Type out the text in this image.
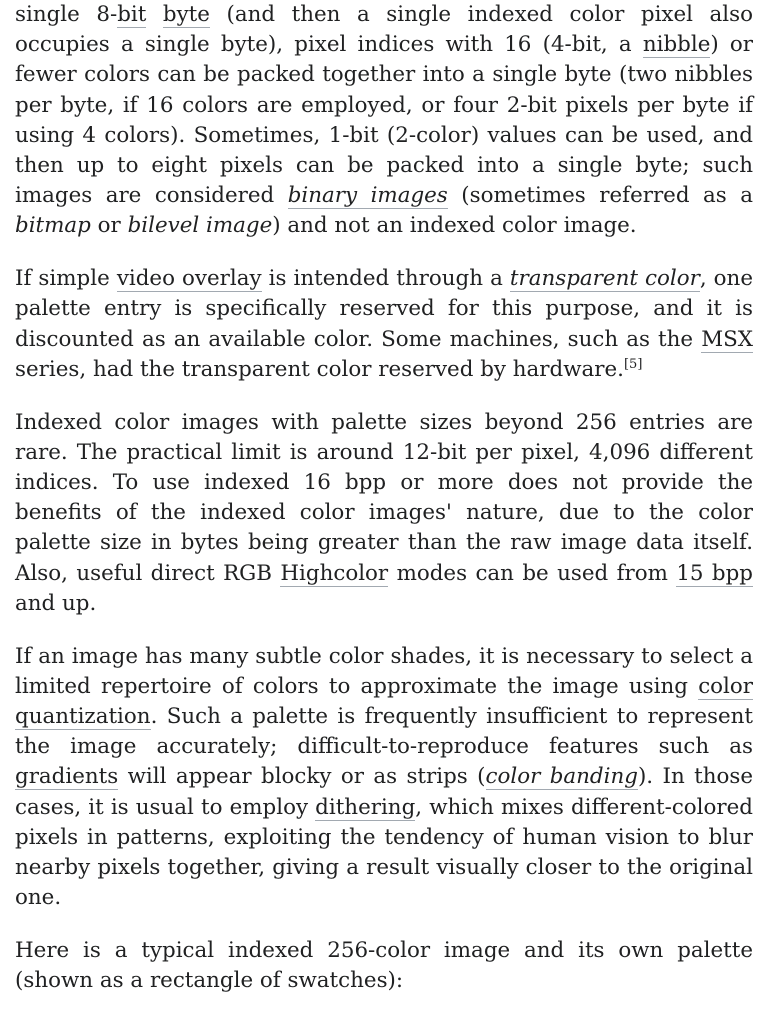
single 8-bit byte (and then a single indexed color pixel also occupies a single byte), pixel indices with 16 (4-bit, a nibble) or fewer colors can be packed together into a single byte (two nibbles per byte, if 16 colors are employed, or four 2-bit pixels per byte if using 4 colors). Sometimes, 1-bit (2-color) values can be used, and then up to eight pixels can be packed into a single byte; such images are considered binary images (sometimes referred as a bitmap or bilevel image) and not an indexed color image.

If simple video overlay is intended through a transparent color, one palette entry is specifically reserved for this purpose, and it is discounted as an available color. Some machines, such as the MSX series, had the transparent color reserved by hardware.[5]

Indexed color images with palette sizes beyond 256 entries are rare. The practical limit is around 12-bit per pixel, 4,096 different indices. To use indexed 16 bpp or more does not provide the benefits of the indexed color images' nature, due to the color palette size in bytes being greater than the raw image data itself. Also, useful direct RGB Highcolor modes can be used from 15 bpp and up.

If an image has many subtle color shades, it is necessary to select a limited repertoire of colors to approximate the image using color quantization. Such a palette is frequently insufficient to represent the image accurately; difficult-to-reproduce features such as gradients will appear blocky or as strips (color banding). In those cases, it is usual to employ dithering, which mixes different-colored pixels in patterns, exploiting the tendency of human vision to blur nearby pixels together, giving a result visually closer to the original one.

Here is a typical indexed 256-color image and its own palette (shown as a rectangle of swatches):
